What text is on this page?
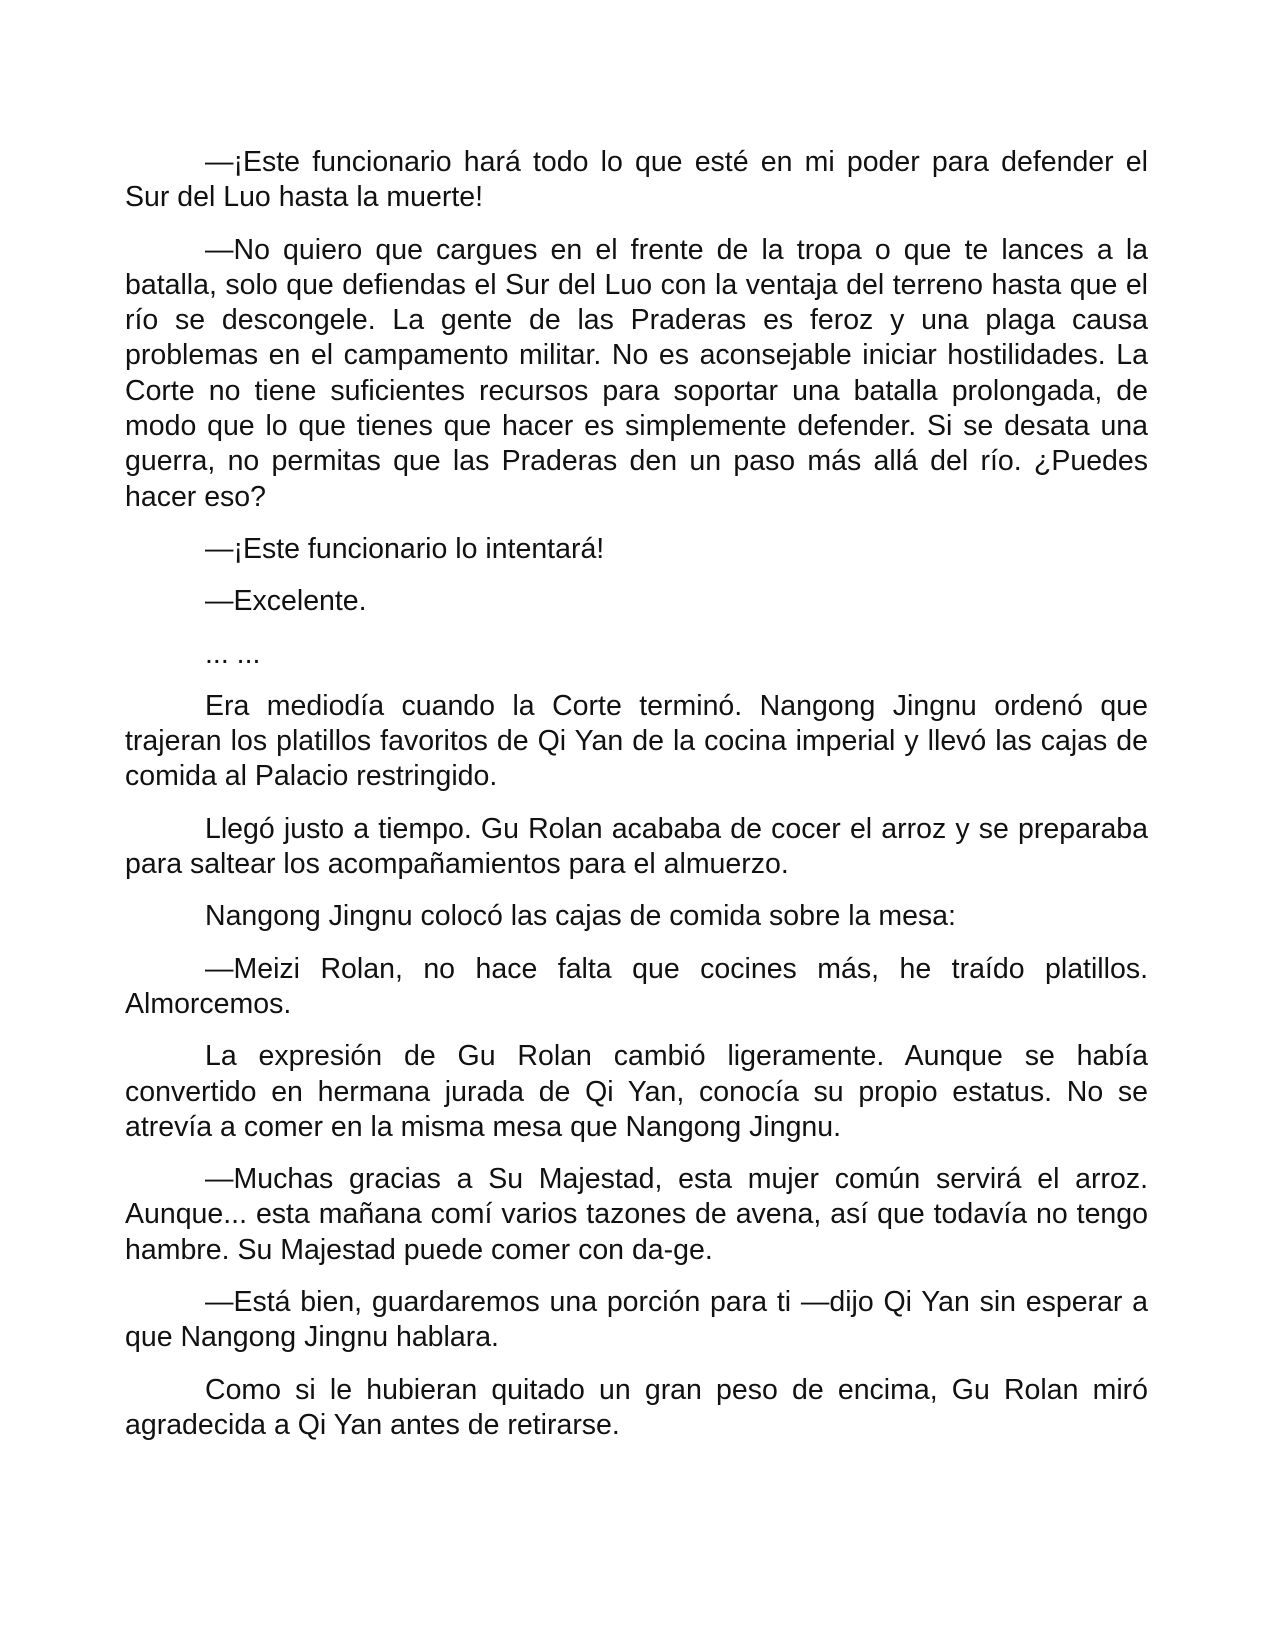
—¡Este funcionario hará todo lo que esté en mi poder para defender el Sur del Luo hasta la muerte!

—No quiero que cargues en el frente de la tropa o que te lances a la batalla, solo que defiendas el Sur del Luo con la ventaja del terreno hasta que el río se descongele. La gente de las Praderas es feroz y una plaga causa problemas en el campamento militar. No es aconsejable iniciar hostilidades. La Corte no tiene suficientes recursos para soportar una batalla prolongada, de modo que lo que tienes que hacer es simplemente defender. Si se desata una guerra, no permitas que las Praderas den un paso más allá del río. ¿Puedes hacer eso?

—¡Este funcionario lo intentará!

—Excelente.

... ...

Era mediodía cuando la Corte terminó. Nangong Jingnu ordenó que trajeran los platillos favoritos de Qi Yan de la cocina imperial y llevó las cajas de comida al Palacio restringido.

Llegó justo a tiempo. Gu Rolan acababa de cocer el arroz y se preparaba para saltear los acompañamientos para el almuerzo.

Nangong Jingnu colocó las cajas de comida sobre la mesa:

—Meizi Rolan, no hace falta que cocines más, he traído platillos. Almorcemos.

La expresión de Gu Rolan cambió ligeramente. Aunque se había convertido en hermana jurada de Qi Yan, conocía su propio estatus. No se atrevía a comer en la misma mesa que Nangong Jingnu.

—Muchas gracias a Su Majestad, esta mujer común servirá el arroz. Aunque... esta mañana comí varios tazones de avena, así que todavía no tengo hambre. Su Majestad puede comer con da-ge.

—Está bien, guardaremos una porción para ti —dijo Qi Yan sin esperar a que Nangong Jingnu hablara.

Como si le hubieran quitado un gran peso de encima, Gu Rolan miró agradecida a Qi Yan antes de retirarse.
